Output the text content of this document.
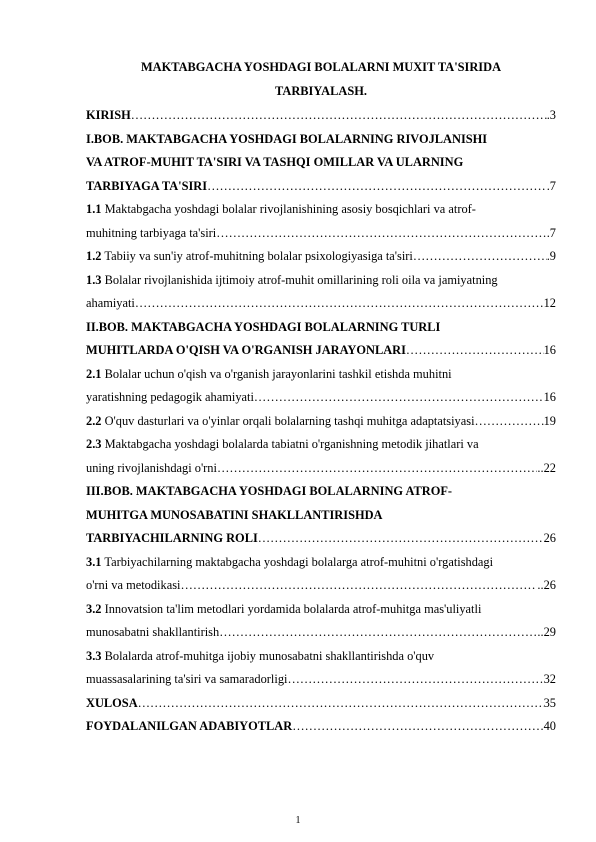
MAKTABGACHA YOSHDAGI BOLALARNI MUXIT TA'SIRIDA
TARBIYALASH.
KIRISH …………………………………………………………………………………………………………………………………………………………………………	.3
I.BOB. MAKTABGACHA YOSHDAGI BOLALARNING RIVOJLANISHI
VA ATROF-MUHIT TA'SIRI VA TASHQI OMILLAR VA ULARNING
TARBIYAGA TA'SIRI …………………………………………………………………………………………………………………………………………………………………………	.7
1.1 Maktabgacha yoshdagi bolalar rivojlanishining asosiy bosqichlari va atrof-
muhitning tarbiyaga ta'siri …………………………………………………………………………………………………………………………………………………………………………	.7
1.2 Tabiiy va sun'iy atrof-muhitning bolalar psixologiyasiga ta'siri …………………………………………………………………………………………………………………………………………………………………………	.9
1.3 Bolalar rivojlanishida ijtimoiy atrof-muhit omillarining roli oila va jamiyatning
ahamiyati …………………………………………………………………………………………………………………………………………………………………………	12
II.BOB. MAKTABGACHA YOSHDAGI BOLALARNING TURLI
MUHITLARDA O'QISH VA O'RGANISH JARAYONLARI …………………………………………………………………………………………………………………………………………………………………………	16
2.1 Bolalar uchun o'qish va o'rganish jarayonlarini tashkil etishda muhitni
yaratishning pedagogik ahamiyati …………………………………………………………………………………………………………………………………………………………………………	16
2.2 O'quv dasturlari va o'yinlar orqali bolalarning tashqi muhitga adaptatsiyasi …………………………………………………………………………………………………………………………………………………………………………	19
2.3 Maktabgacha yoshdagi bolalarda tabiatni o'rganishning metodik jihatlari va
uning rivojlanishdagi o'rni …………………………………………………………………………………………………………………………………………………………………………	..22
III.BOB. MAKTABGACHA YOSHDAGI BOLALARNING ATROF-
MUHITGA MUNOSABATINI SHAKLLANTIRISHDA
TARBIYACHILARNING ROLI …………………………………………………………………………………………………………………………………………………………………………	26
3.1 Tarbiyachilarning maktabgacha yoshdagi bolalarga atrof-muhitni o'rgatishdagi
o'rni va metodikasi …………………………………………………………………………………………………………………………………………………………………………	..26
3.2 Innovatsion ta'lim metodlari yordamida bolalarda atrof-muhitga mas'uliyatli
munosabatni shakllantirish …………………………………………………………………………………………………………………………………………………………………………	..29
3.3 Bolalarda atrof-muhitga ijobiy munosabatni shakllantirishda o'quv
muassasalarining ta'siri va samaradorligi …………………………………………………………………………………………………………………………………………………………………………	32
XULOSA …………………………………………………………………………………………………………………………………………………………………………	35
FOYDALANILGAN ADABIYOTLAR …………………………………………………………………………………………………………………………………………………………………………	40
1
